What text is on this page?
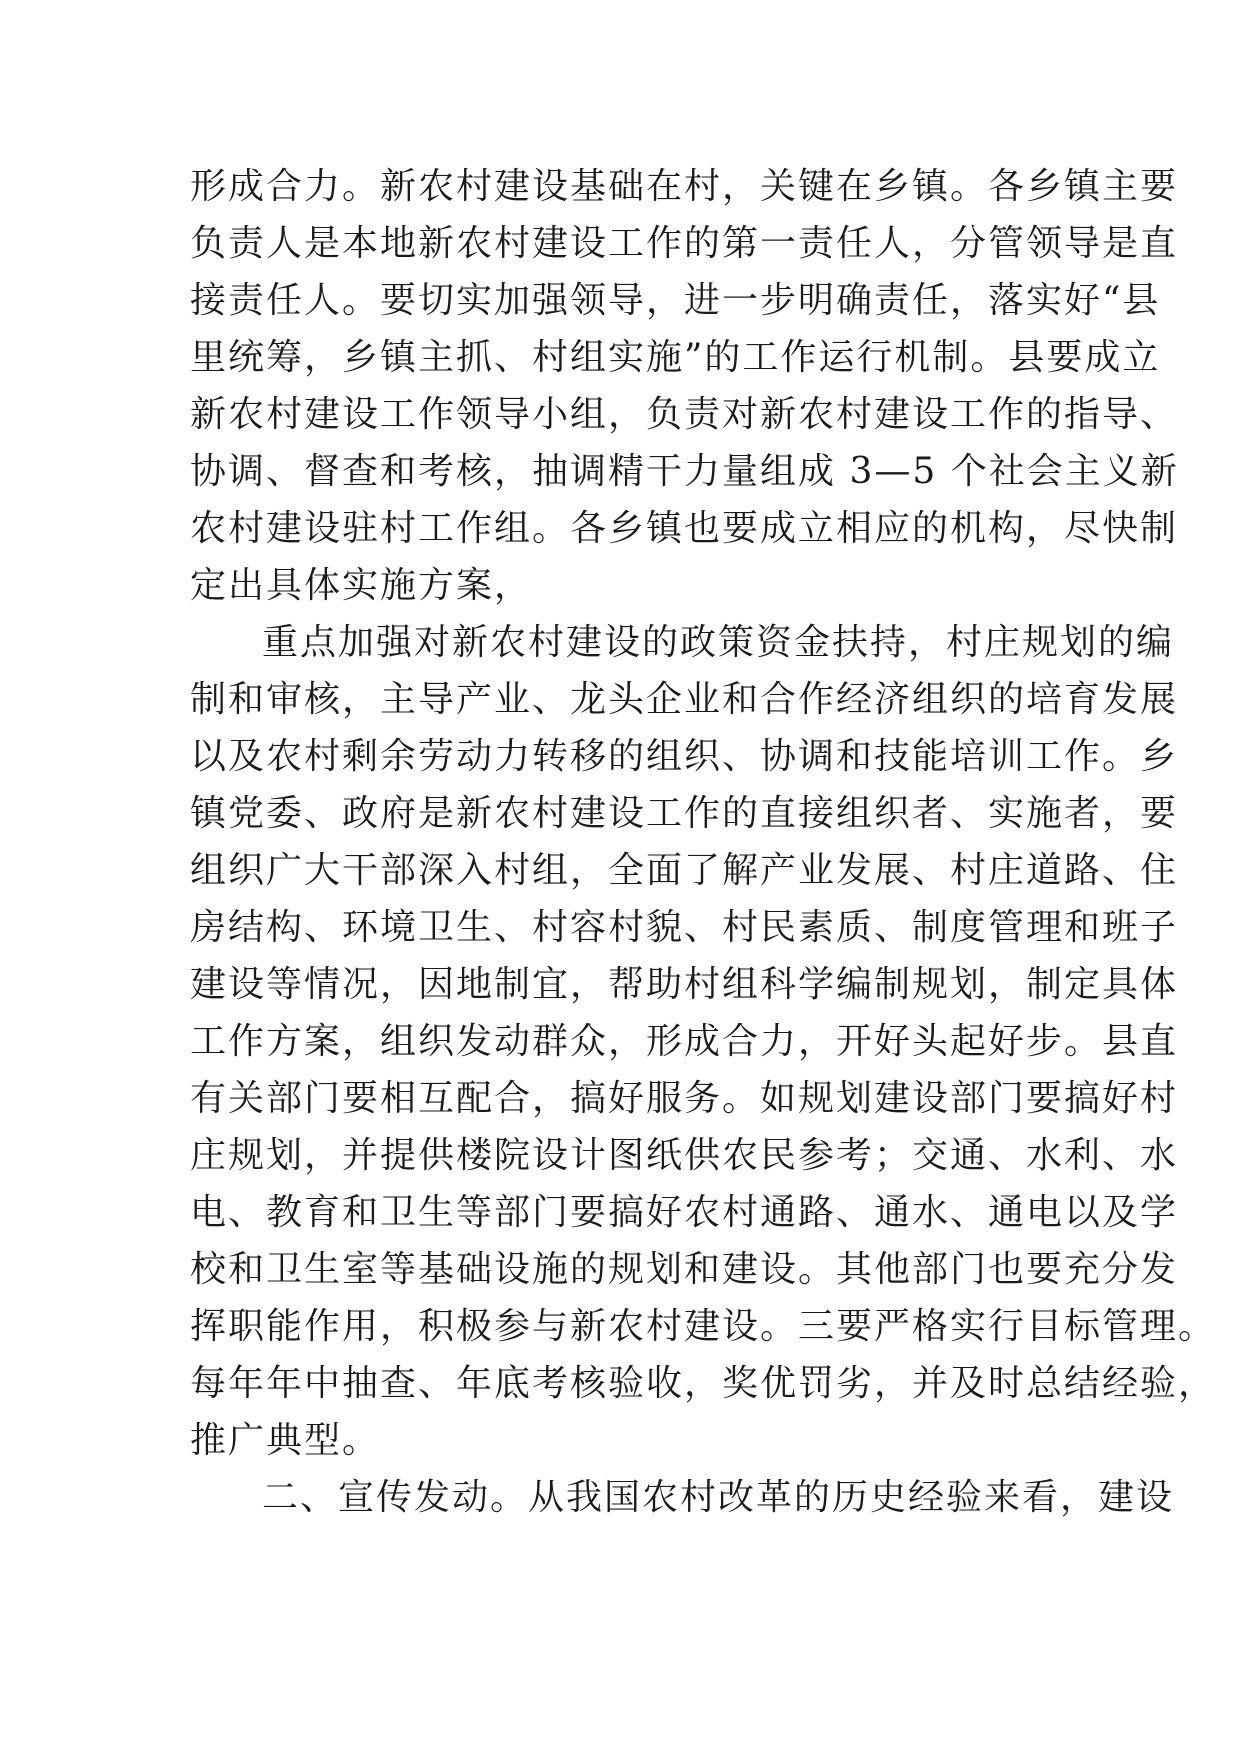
形成合力。新农村建设基础在村，关键在乡镇。各乡镇主要
负责人是本地新农村建设工作的第一责任人，分管领导是直
接责任人。要切实加强领导，进一步明确责任，落实好“县
里统筹，乡镇主抓、村组实施”的工作运行机制。县要成立
新农村建设工作领导小组，负责对新农村建设工作的指导、
协调、督查和考核，抽调精干力量组成 3—5 个社会主义新
农村建设驻村工作组。各乡镇也要成立相应的机构，尽快制
定出具体实施方案，
重点加强对新农村建设的政策资金扶持，村庄规划的编
制和审核，主导产业、龙头企业和合作经济组织的培育发展
以及农村剩余劳动力转移的组织、协调和技能培训工作。乡
镇党委、政府是新农村建设工作的直接组织者、实施者，要
组织广大干部深入村组，全面了解产业发展、村庄道路、住
房结构、环境卫生、村容村貌、村民素质、制度管理和班子
建设等情况，因地制宜，帮助村组科学编制规划，制定具体
工作方案，组织发动群众，形成合力，开好头起好步。县直
有关部门要相互配合，搞好服务。如规划建设部门要搞好村
庄规划，并提供楼院设计图纸供农民参考；交通、水利、水
电、教育和卫生等部门要搞好农村通路、通水、通电以及学
校和卫生室等基础设施的规划和建设。其他部门也要充分发
挥职能作用，积极参与新农村建设。三要严格实行目标管理。
每年年中抽查、年底考核验收，奖优罚劣，并及时总结经验，
推广典型。
二、宣传发动。从我国农村改革的历史经验来看，建设
